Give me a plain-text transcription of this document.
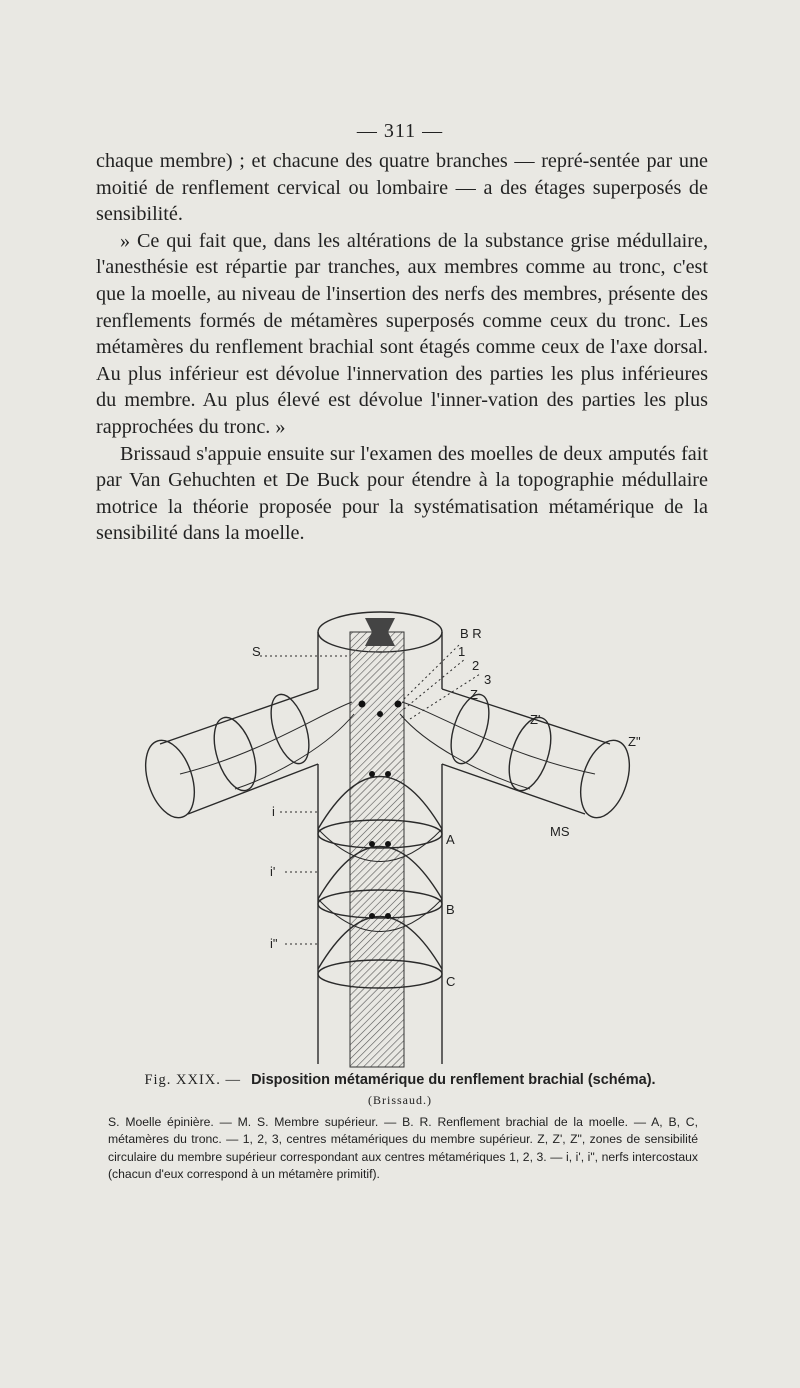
— 311 —

chaque membre) ; et chacune des quatre branches — repré-sentée par une moitié de renflement cervical ou lombaire — a des étages superposés de sensibilité.

» Ce qui fait que, dans les altérations de la substance grise médullaire, l'anesthésie est répartie par tranches, aux membres comme au tronc, c'est que la moelle, au niveau de l'insertion des nerfs des membres, présente des renflements formés de métamères superposés comme ceux du tronc. Les métamères du renflement brachial sont étagés comme ceux de l'axe dorsal. Au plus inférieur est dévolue l'innervation des parties les plus inférieures du membre. Au plus élevé est dévolue l'inner-vation des parties les plus rapprochées du tronc. »

Brissaud s'appuie ensuite sur l'examen des moelles de deux amputés fait par Van Gehuchten et De Buck pour étendre à la topographie médullaire motrice la théorie proposée pour la systématisation métamérique de la sensibilité dans la moelle.

S
B R
1
2
3
Z
Z'
Z"
MS
i
i'
i"
A
B
C
Fig. XXIX. — Disposition métamérique du renflement brachial (schéma).
(Brissaud.)
S. Moelle épinière. — M. S. Membre supérieur. — B. R. Renflement brachial de la moelle. — A, B, C, métamères du tronc. — 1, 2, 3, centres métamériques du membre supérieur. Z, Z', Z", zones de sensibilité circulaire du membre supérieur correspondant aux centres métamériques 1, 2, 3. — i, i', i", nerfs intercostaux (chacun d'eux correspond à un métamère primitif).
